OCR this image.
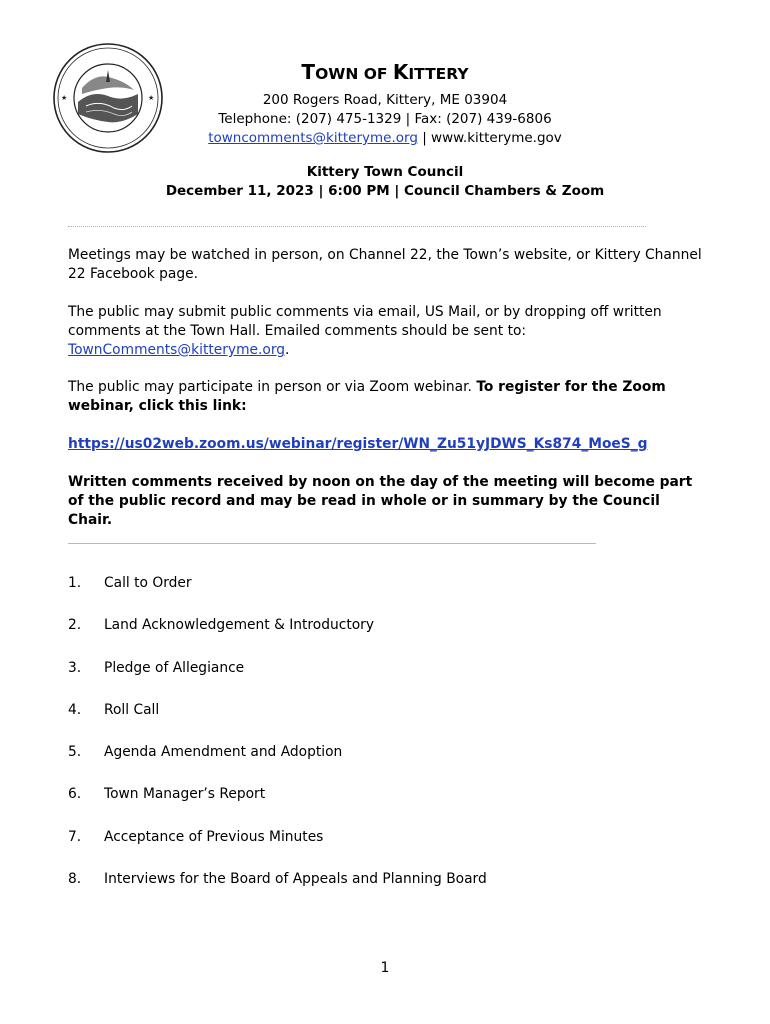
★	★

TOWN OF KITTERY

200 Rogers Road, Kittery, ME 03904

Telephone: (207) 475-1329 | Fax: (207) 439-6806

towncomments@kitteryme.org | www.kitteryme.gov

Kittery Town Council

December 11, 2023 | 6:00 PM | Council Chambers & Zoom

Meetings may be watched in person, on Channel 22, the Town’s website, or Kittery Channel 22 Facebook page.

The public may submit public comments via email, US Mail, or by dropping off written comments at the Town Hall. Emailed comments should be sent to: TownComments@kitteryme.org.

The public may participate in person or via Zoom webinar. To register for the Zoom webinar, click this link:

https://us02web.zoom.us/webinar/register/WN_Zu51yJDWS_Ks874_MoeS_g

Written comments received by noon on the day of the meeting will become part of the public record and may be read in whole or in summary by the Council Chair.

1.	Call to Order
2.	Land Acknowledgement & Introductory
3.	Pledge of Allegiance
4.	Roll Call
5.	Agenda Amendment and Adoption
6.	Town Manager’s Report
7.	Acceptance of Previous Minutes
8.	Interviews for the Board of Appeals and Planning Board
1
